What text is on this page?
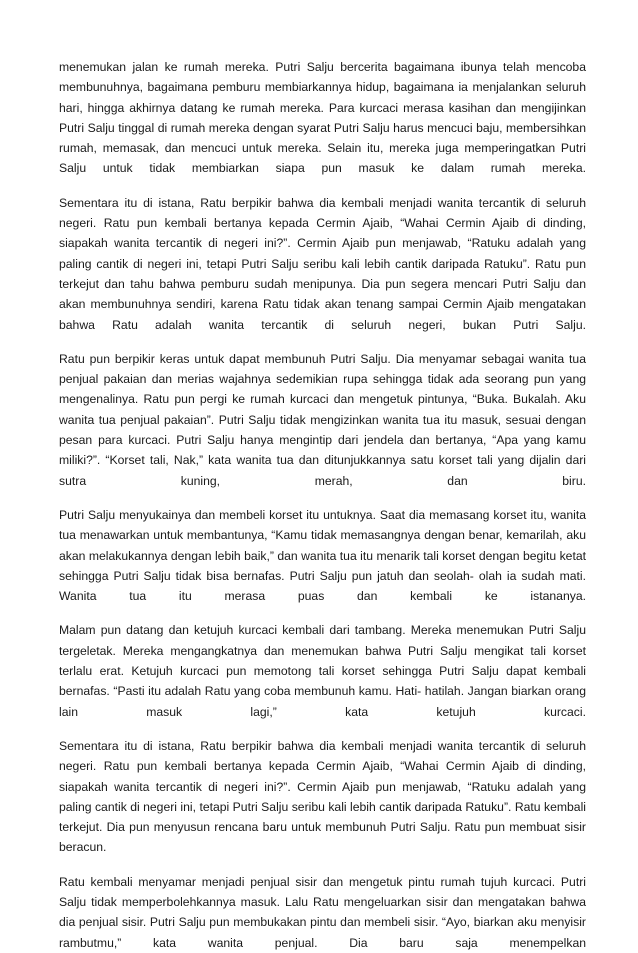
menemukan jalan ke rumah mereka. Putri Salju bercerita bagaimana ibunya telah mencoba membunuhnya, bagaimana pemburu membiarkannya hidup, bagaimana ia menjalankan seluruh hari, hingga akhirnya datang ke rumah mereka. Para kurcaci merasa kasihan dan mengijinkan Putri Salju tinggal di rumah mereka dengan syarat Putri Salju harus mencuci baju, membersihkan rumah, memasak, dan mencuci untuk mereka. Selain itu, mereka juga memperingatkan Putri Salju untuk tidak membiarkan siapa pun masuk ke dalam rumah mereka.

Sementara itu di istana, Ratu berpikir bahwa dia kembali menjadi wanita tercantik di seluruh negeri. Ratu pun kembali bertanya kepada Cermin Ajaib, “Wahai Cermin Ajaib di dinding, siapakah wanita tercantik di negeri ini?”. Cermin Ajaib pun menjawab, “Ratuku adalah yang paling cantik di negeri ini, tetapi Putri Salju seribu kali lebih cantik daripada Ratuku”. Ratu pun terkejut dan tahu bahwa pemburu sudah menipunya. Dia pun segera mencari Putri Salju dan akan membunuhnya sendiri, karena Ratu tidak akan tenang sampai Cermin Ajaib mengatakan bahwa Ratu adalah wanita tercantik di seluruh negeri, bukan Putri Salju.

Ratu pun berpikir keras untuk dapat membunuh Putri Salju. Dia menyamar sebagai wanita tua penjual pakaian dan merias wajahnya sedemikian rupa sehingga tidak ada seorang pun yang mengenalinya. Ratu pun pergi ke rumah kurcaci dan mengetuk pintunya, “Buka. Bukalah. Aku wanita tua penjual pakaian”. Putri Salju tidak mengizinkan wanita tua itu masuk, sesuai dengan pesan para kurcaci. Putri Salju hanya mengintip dari jendela dan bertanya, “Apa yang kamu miliki?”. “Korset tali, Nak,” kata wanita tua dan ditunjukkannya satu korset tali yang dijalin dari sutra kuning, merah, dan biru.

Putri Salju menyukainya dan membeli korset itu untuknya. Saat dia memasang korset itu, wanita tua menawarkan untuk membantunya, “Kamu tidak memasangnya dengan benar, kemarilah, aku akan melakukannya dengan lebih baik,” dan wanita tua itu menarik tali korset dengan begitu ketat sehingga Putri Salju tidak bisa bernafas. Putri Salju pun jatuh dan seolah- olah ia sudah mati. Wanita tua itu merasa puas dan kembali ke istananya.

Malam pun datang dan ketujuh kurcaci kembali dari tambang. Mereka menemukan Putri Salju tergeletak. Mereka mengangkatnya dan menemukan bahwa Putri Salju mengikat tali korset terlalu erat. Ketujuh kurcaci pun memotong tali korset sehingga Putri Salju dapat kembali bernafas. “Pasti itu adalah Ratu yang coba membunuh kamu. Hati- hatilah. Jangan biarkan orang lain masuk lagi,” kata ketujuh kurcaci.

Sementara itu di istana, Ratu berpikir bahwa dia kembali menjadi wanita tercantik di seluruh negeri. Ratu pun kembali bertanya kepada Cermin Ajaib, “Wahai Cermin Ajaib di dinding, siapakah wanita tercantik di negeri ini?”. Cermin Ajaib pun menjawab, “Ratuku adalah yang paling cantik di negeri ini, tetapi Putri Salju seribu kali lebih cantik daripada Ratuku”. Ratu kembali terkejut. Dia pun menyusun rencana baru untuk membunuh Putri Salju. Ratu pun membuat sisir beracun.

Ratu kembali menyamar menjadi penjual sisir dan mengetuk pintu rumah tujuh kurcaci. Putri Salju tidak memperbolehkannya masuk. Lalu Ratu mengeluarkan sisir dan mengatakan bahwa dia penjual sisir. Putri Salju pun membukakan pintu dan membeli sisir. “Ayo, biarkan aku menyisir rambutmu,” kata wanita penjual. Dia baru saja menempelkan
